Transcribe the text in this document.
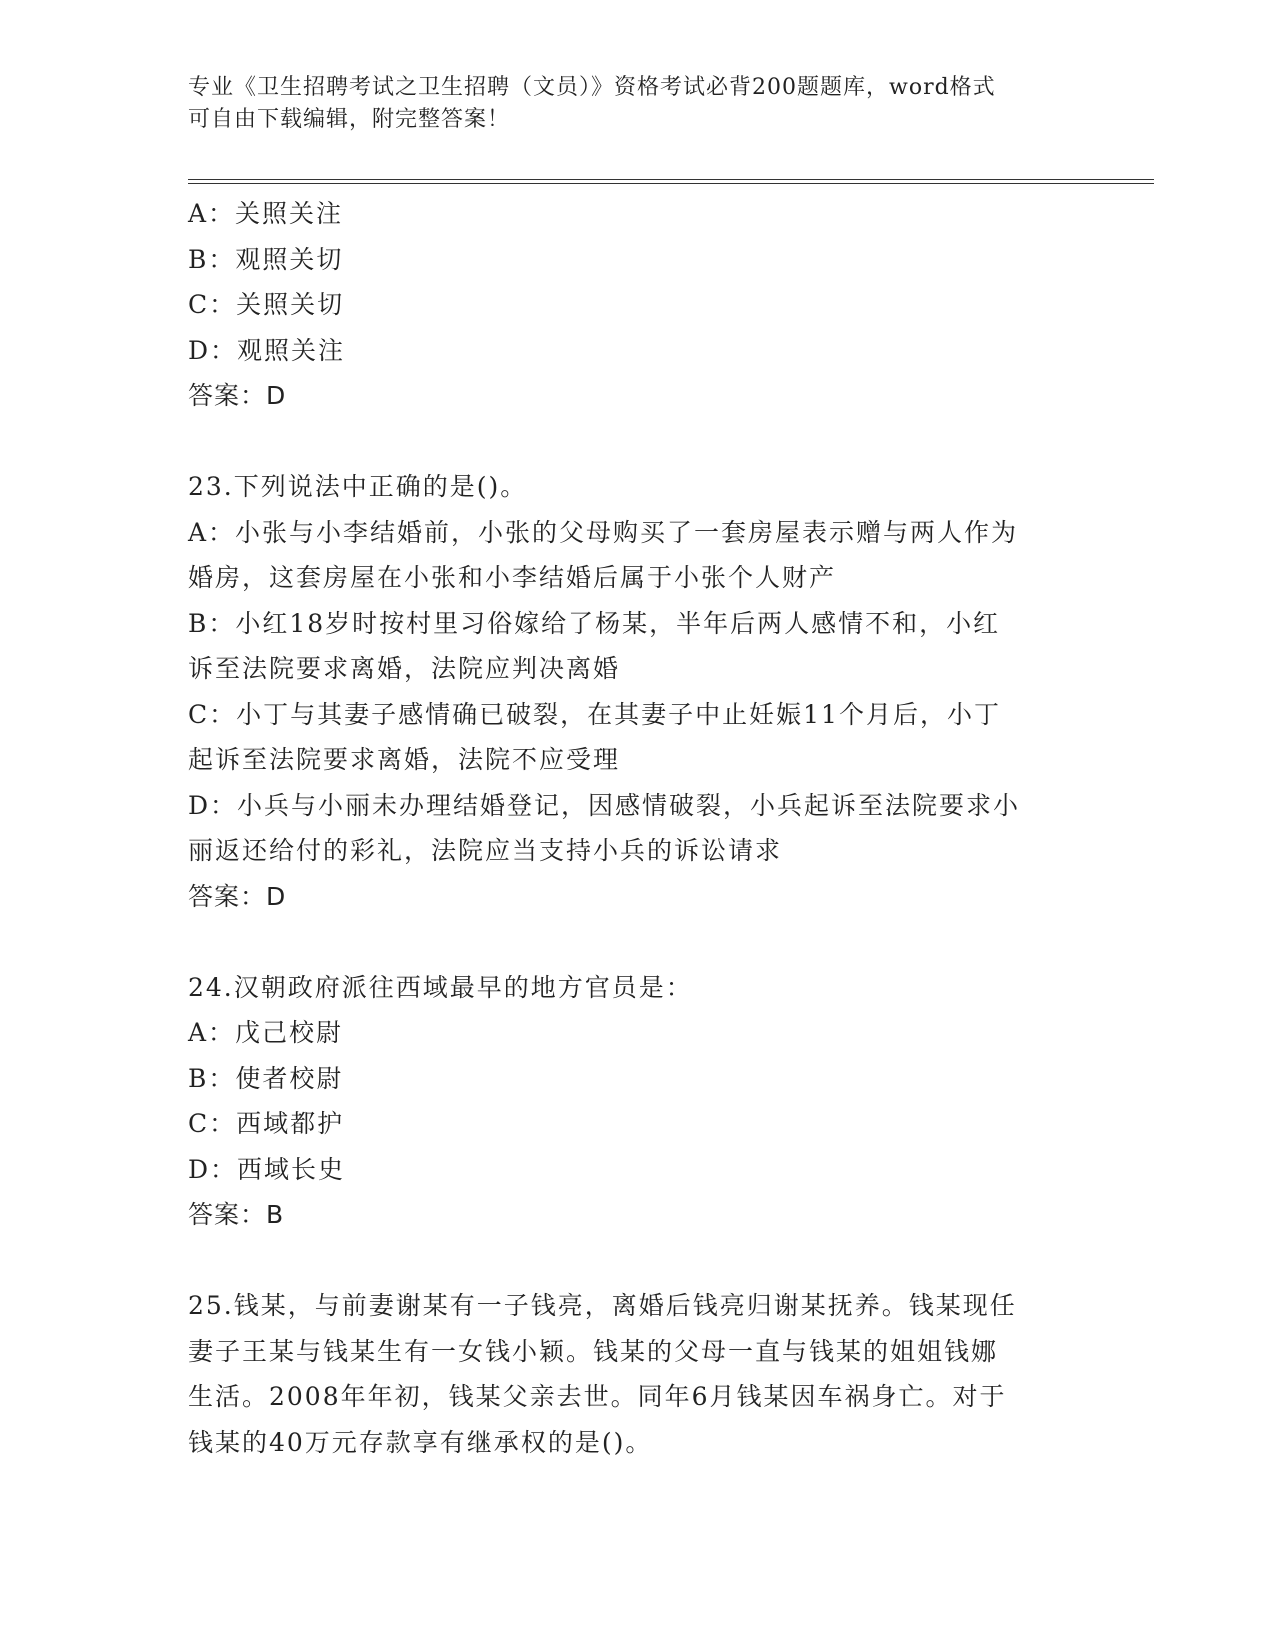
专业《卫生招聘考试之卫生招聘（文员）》资格考试必背200题题库，word格式
可自由下载编辑，附完整答案！
A：关照关注
B：观照关切
C：关照关切
D：观照关注
答案：D
23.下列说法中正确的是()。
A：小张与小李结婚前，小张的父母购买了一套房屋表示赠与两人作为
婚房，这套房屋在小张和小李结婚后属于小张个人财产
B：小红18岁时按村里习俗嫁给了杨某，半年后两人感情不和，小红
诉至法院要求离婚，法院应判决离婚
C：小丁与其妻子感情确已破裂，在其妻子中止妊娠11个月后，小丁
起诉至法院要求离婚，法院不应受理
D：小兵与小丽未办理结婚登记，因感情破裂，小兵起诉至法院要求小
丽返还给付的彩礼，法院应当支持小兵的诉讼请求
答案：D
24.汉朝政府派往西域最早的地方官员是：
A：戊己校尉
B：使者校尉
C：西域都护
D：西域长史
答案：B
25.钱某，与前妻谢某有一子钱亮，离婚后钱亮归谢某抚养。钱某现任
妻子王某与钱某生有一女钱小颖。钱某的父母一直与钱某的姐姐钱娜
生活。2008年年初，钱某父亲去世。同年6月钱某因车祸身亡。对于
钱某的40万元存款享有继承权的是()。
